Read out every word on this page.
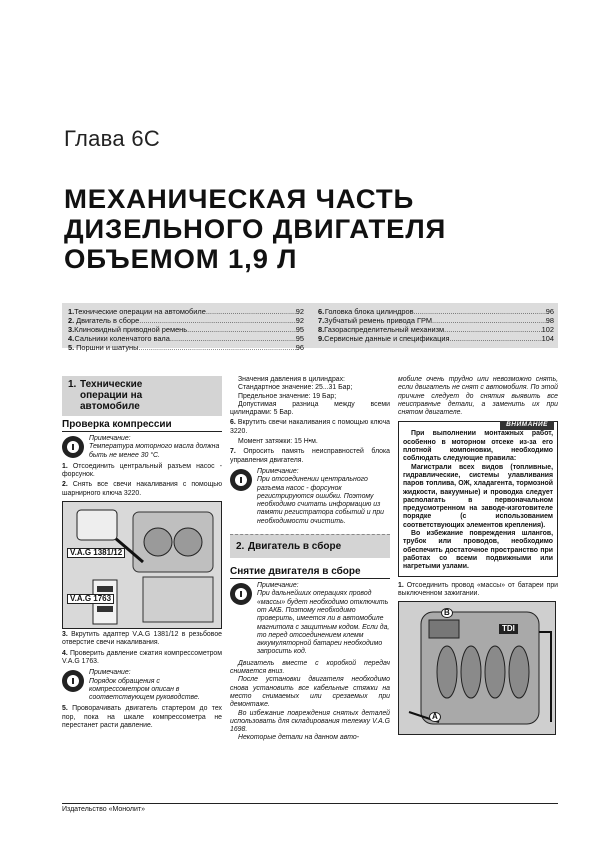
Глава 6С
МЕХАНИЧЕСКАЯ ЧАСТЬ
ДИЗЕЛЬНОГО ДВИГАТЕЛЯ
ОБЪЕМОМ 1,9 Л
1. Технические операции на автомобиле .....	92
2. Двигатель в сборе .....	92
3. Клиновидный приводной ремень .....	95
4. Сальники коленчатого вала .....	95
5. Поршни и шатуны .....	96
6. Головка блока цилиндров .....	96
7. Зубчатый ремень привода ГРМ .....	98
8. Газораспределительный механизм .....	102
9. Сервисные данные и спецификация .....	104
1. Технические операции на автомобиле
Проверка компрессии
Примечание:
Температура моторного масла должна быть не менее 30 °С.
1. Отсоединить центральный разъем насос - форсунок.
2. Снять все свечи накаливания с помощью шарнирного ключа 3220.
V.A.G 1381/12
V.A.G 1763
3. Вкрутить адаптер V.A.G 1381/12 в резьбовое отверстие свечи накаливания.
4. Проверить давление сжатия компрессометром V.A.G 1763.
Примечание:
Порядок обращения с компрессометром описан в соответствующем руководстве.
5. Проворачивать двигатель стартером до тех пор, пока на шкале компрессометра не перестанет расти давление.
Значения давления в цилиндрах:
Стандартное значение: 25...31 Бар;
Предельное значение: 19 Бар;
Допустимая разница между всеми цилиндрами: 5 Бар.
6. Вкрутить свечи накаливания с помощью ключа 3220.
Момент затяжки: 15 Н•м.
7. Опросить память неисправностей блока управления двигателя.
Примечание:
При отсоединении центрального разъема насос - форсунок регистрируются ошибки. Поэтому необходимо считать информацию из памяти регистратора событий и при необходимости очистить.
2. Двигатель в сборе
Снятие двигателя в сборе
Примечание:
При дальнейших операциях провод «массы» будет необходимо отключить от АКБ. Поэтому необходимо проверить, имеется ли в автомобиле магнитола с защитным кодом. Если да, то перед отсоединением клемм аккумуляторной батареи необходимо запросить код.
Двигатель вместе с коробкой передач снимается вниз.
После установки двигателя необходимо снова установить все кабельные стяжки на место снимаемых или срезаемых при демонтаже.
Во избежание повреждения снятых деталей использовать для складирования тележку V.A.G 1698.
Некоторые детали на данном авто-
мобиле очень трудно или невозможно снять, если двигатель не снят с автомобиля. По этой причине следует до снятия выявить все неисправные детали, а заменить их при снятом двигателе.
ВНИМАНИЕ

При выполнении монтажных работ, особенно в моторном отсеке из-за его плотной компоновки, необходимо соблюдать следующие правила:

Магистрали всех видов (топливные, гидравлические, системы улавливания паров топлива, ОЖ, хладагента, тормозной жидкости, вакуумные) и проводка следует располагать в первоначальном предусмотренном на заводе-изготовителе порядке (с использованием соответствующих элементов крепления).

Во избежание повреждения шлангов, трубок или проводов, необходимо обеспечить достаточное пространство при работах со всеми подвижными или нагретыми узлами.

1. Отсоединить провод «массы» от батареи при выключенном зажигании.
A
B
TDI
Издательство «Монолит»
